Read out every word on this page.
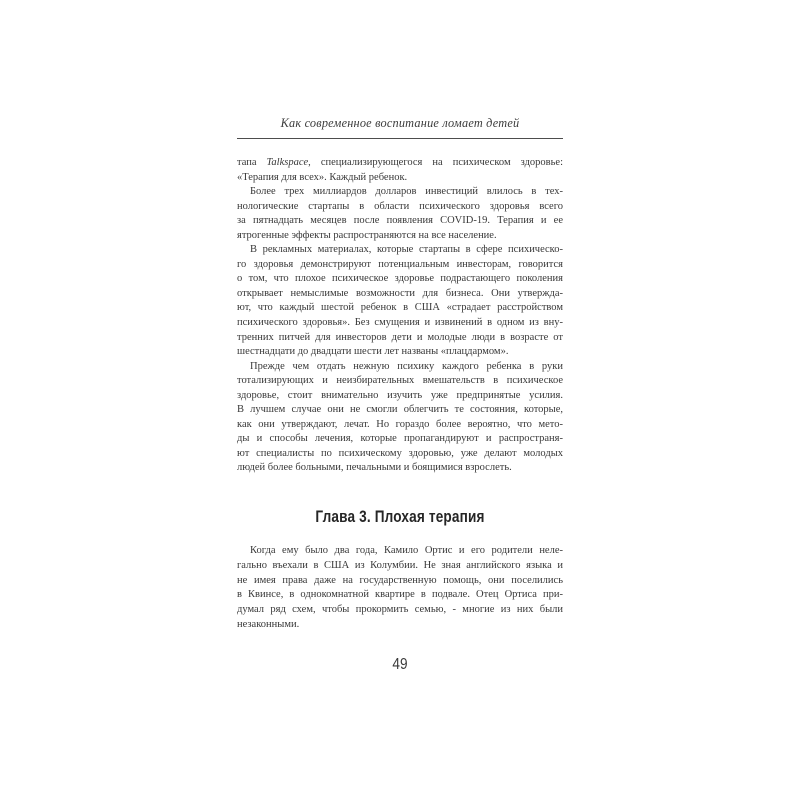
Как современное воспитание ломает детей
тапа Talkspace, специализирующегося на психическом здоровье:
«Терапия для всех». Каждый ребенок.
Более трех миллиардов долларов инвестиций влилось в тех-
нологические стартапы в области психического здоровья всего
за пятнадцать месяцев после появления COVID-19. Терапия и ее
ятрогенные эффекты распространяются на все население.
В рекламных материалах, которые стартапы в сфере психическо-
го здоровья демонстрируют потенциальным инвесторам, говорится
о том, что плохое психическое здоровье подрастающего поколения
открывает немыслимые возможности для бизнеса. Они утвержда-
ют, что каждый шестой ребенок в США «страдает расстройством
психического здоровья». Без смущения и извинений в одном из вну-
тренних питчей для инвесторов дети и молодые люди в возрасте от
шестнадцати до двадцати шести лет названы «плацдармом».
Прежде чем отдать нежную психику каждого ребенка в руки
тотализирующих и неизбирательных вмешательств в психическое
здоровье, стоит внимательно изучить уже предпринятые усилия.
В лучшем случае они не смогли облегчить те состояния, которые,
как они утверждают, лечат. Но гораздо более вероятно, что мето-
ды и способы лечения, которые пропагандируют и распространя-
ют специалисты по психическому здоровью, уже делают молодых
людей более больными, печальными и боящимися взрослеть.
Глава 3. Плохая терапия
Когда ему было два года, Камило Ортис и его родители неле-
гально въехали в США из Колумбии. Не зная английского языка и
не имея права даже на государственную помощь, они поселились
в Квинсе, в однокомнатной квартире в подвале. Отец Ортиса при-
думал ряд схем, чтобы прокормить семью, - многие из них были
незаконными.
49
